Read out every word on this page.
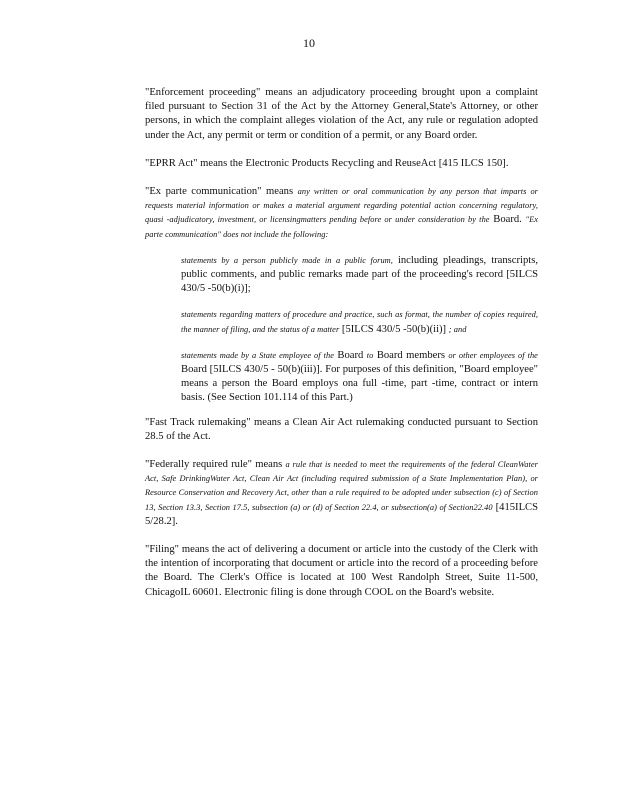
10

"Enforcement proceeding" means an adjudicatory proceeding brought upon a complaint filed pursuant to Section 31 of the Act by the Attorney General,State's Attorney, or other persons, in which the complaint alleges violation of the Act, any rule or regulation adopted under the Act, any permit or term or condition of a permit, or any Board order.

"EPRR Act" means the Electronic Products Recycling and ReuseAct [415 ILCS 150].

"Ex parte communication" means any written or oral communication by any person that imparts or requests material information or makes a material argument regarding potential action concerning regulatory, quasi -adjudicatory, investment, or licensingmatters pending before or under consideration by the Board. "Ex parte communication" does not include the following:

statements by a person publicly made in a public forum, including pleadings, transcripts, public comments, and public remarks made part of the proceeding's record [5ILCS 430/5 -50(b)(i)];

statements regarding matters of procedure and practice, such as format, the number of copies required, the manner of filing, and the status of a matter [5ILCS 430/5 -50(b)(ii)] ; and

statements made by a State employee of the Board to Board members or other employees of the Board [5ILCS 430/5 - 50(b)(iii)]. For purposes of this definition, "Board employee" means a person the Board employs ona full -time, part -time, contract or intern basis. (See Section 101.114 of this Part.)

"Fast Track rulemaking" means a Clean Air Act rulemaking conducted pursuant to Section 28.5 of the Act.

"Federally required rule" means a rule that is needed to meet the requirements of the federal CleanWater Act, Safe DrinkingWater Act, Clean Air Act (including required submission of a State Implementation Plan), or Resource Conservation and Recovery Act, other than a rule required to be adopted under subsection (c) of Section 13, Section 13.3, Section 17.5, subsection (a) or (d) of Section 22.4, or subsection(a) of Section22.40 [415ILCS 5/28.2].

"Filing" means the act of delivering a document or article into the custody of the Clerk with the intention of incorporating that document or article into the record of a proceeding before the Board. The Clerk's Office is located at 100 West Randolph Street, Suite 11-500, ChicagoIL 60601. Electronic filing is done through COOL on the Board's website.
